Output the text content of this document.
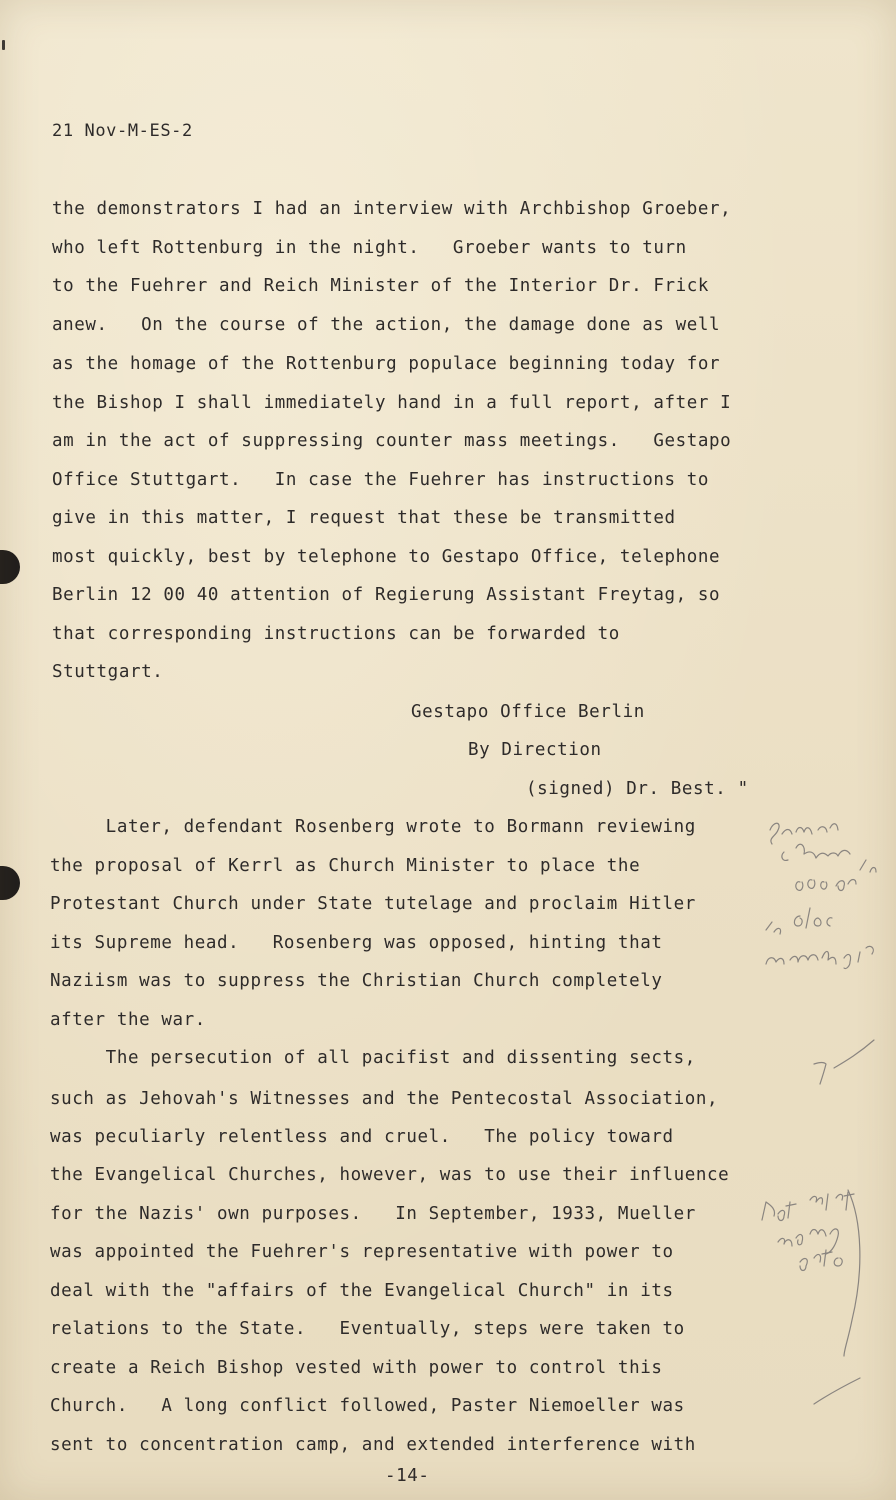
21 Nov-M-ES-2

the demonstrators I had an interview with Archbishop Groeber,

who left Rottenburg in the night.   Groeber wants to turn

to the Fuehrer and Reich Minister of the Interior Dr. Frick

anew.   On the course of the action, the damage done as well

as the homage of the Rottenburg populace beginning today for

the Bishop I shall immediately hand in a full report, after I

am in the act of suppressing counter mass meetings.   Gestapo

Office Stuttgart.   In case the Fuehrer has instructions to

give in this matter, I request that these be transmitted

most quickly, best by telephone to Gestapo Office, telephone

Berlin 12 00 40 attention of Regierung Assistant Freytag, so

that corresponding instructions can be forwarded to

Stuttgart.

Gestapo Office Berlin

By Direction

(signed) Dr. Best. "

Later, defendant Rosenberg wrote to Bormann reviewing

the proposal of Kerrl as Church Minister to place the

Protestant Church under State tutelage and proclaim Hitler

its Supreme head.   Rosenberg was opposed, hinting that

Naziism was to suppress the Christian Church completely

after the war.

The persecution of all pacifist and dissenting sects,

such as Jehovah's Witnesses and the Pentecostal Association,

was peculiarly relentless and cruel.   The policy toward

the Evangelical Churches, however, was to use their influence

for the Nazis' own purposes.   In September, 1933, Mueller

was appointed the Fuehrer's representative with power to

deal with the "affairs of the Evangelical Church" in its

relations to the State.   Eventually, steps were taken to

create a Reich Bishop vested with power to control this

Church.   A long conflict followed, Paster Niemoeller was

sent to concentration camp, and extended interference with

-14-
